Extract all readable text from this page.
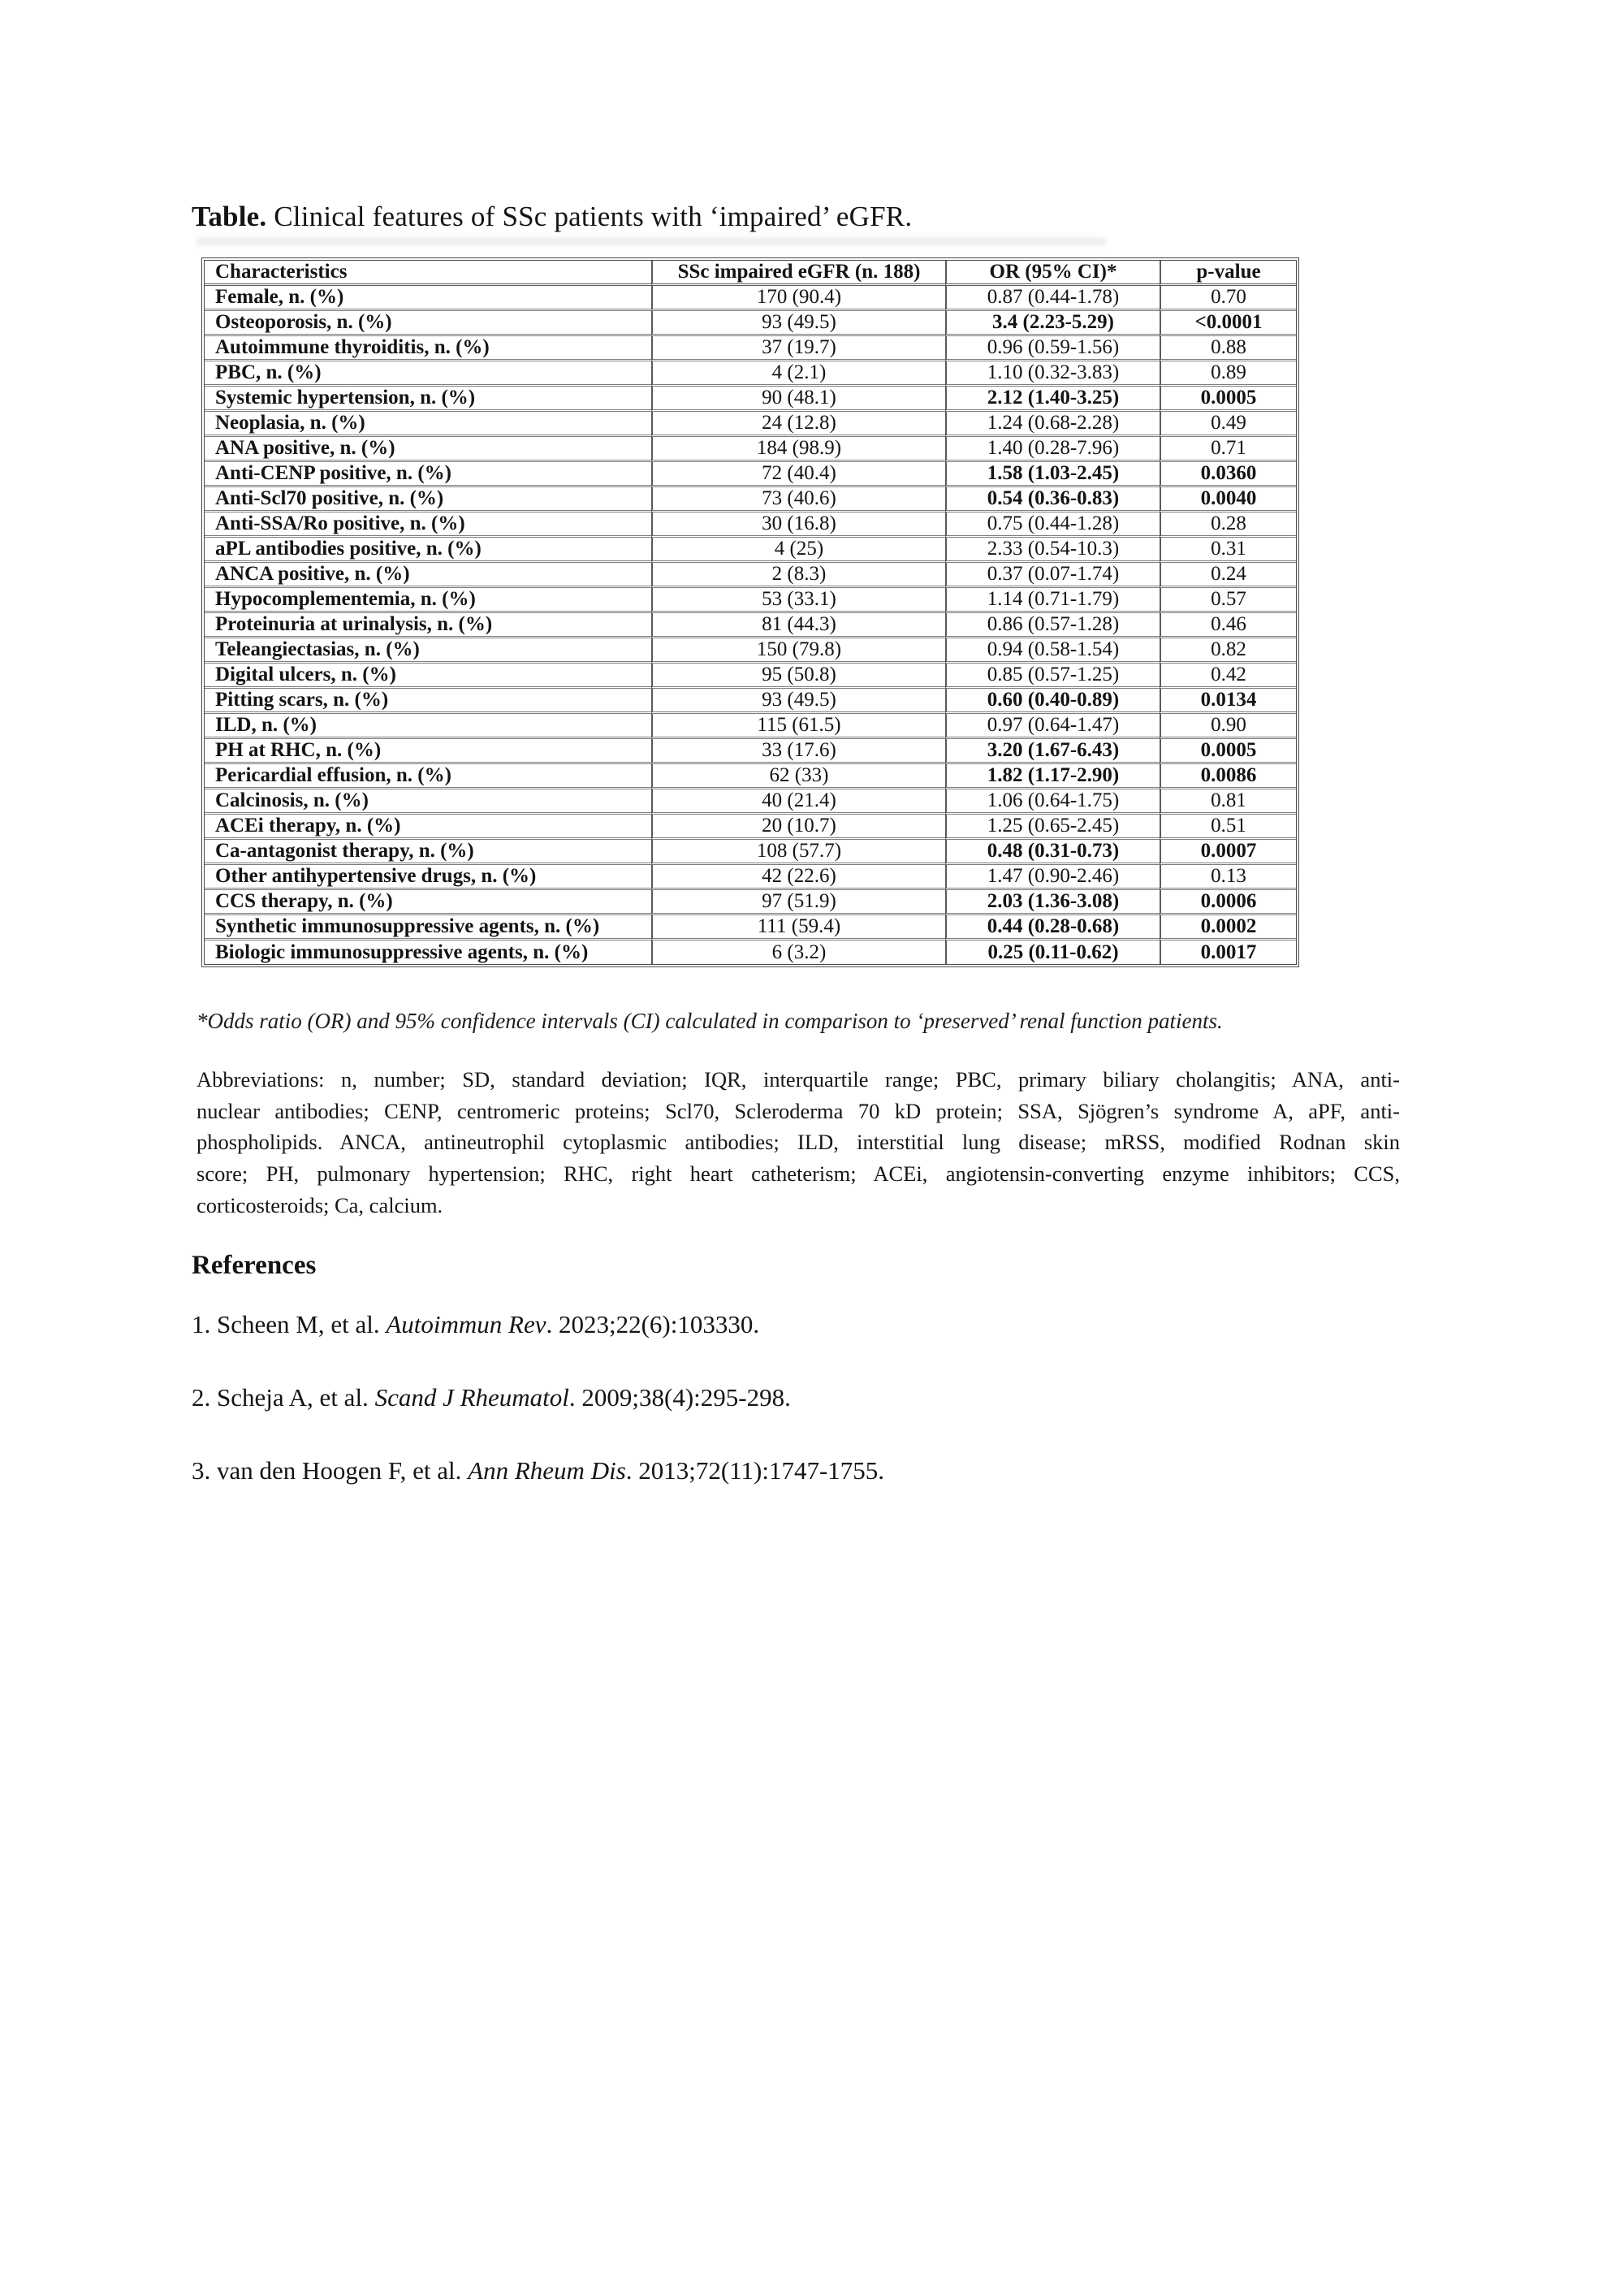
Table. Clinical features of SSc patients with ‘impaired’ eGFR.
Characteristics	SSc impaired eGFR (n. 188)	OR (95% CI)*	p-value
Female, n. (%)	170 (90.4)	0.87 (0.44-1.78)	0.70
Osteoporosis, n. (%)	93 (49.5)	3.4 (2.23-5.29)	<0.0001
Autoimmune thyroiditis, n. (%)	37 (19.7)	0.96 (0.59-1.56)	0.88
PBC, n. (%)	4 (2.1)	1.10 (0.32-3.83)	0.89
Systemic hypertension, n. (%)	90 (48.1)	2.12 (1.40-3.25)	0.0005
Neoplasia, n. (%)	24 (12.8)	1.24 (0.68-2.28)	0.49
ANA positive, n. (%)	184 (98.9)	1.40 (0.28-7.96)	0.71
Anti-CENP positive, n. (%)	72 (40.4)	1.58 (1.03-2.45)	0.0360
Anti-Scl70 positive, n. (%)	73 (40.6)	0.54 (0.36-0.83)	0.0040
Anti-SSA/Ro positive, n. (%)	30 (16.8)	0.75 (0.44-1.28)	0.28
aPL antibodies positive, n. (%)	4 (25)	2.33 (0.54-10.3)	0.31
ANCA positive, n. (%)	2 (8.3)	0.37 (0.07-1.74)	0.24
Hypocomplementemia, n. (%)	53 (33.1)	1.14 (0.71-1.79)	0.57
Proteinuria at urinalysis, n. (%)	81 (44.3)	0.86 (0.57-1.28)	0.46
Teleangiectasias, n. (%)	150 (79.8)	0.94 (0.58-1.54)	0.82
Digital ulcers, n. (%)	95 (50.8)	0.85 (0.57-1.25)	0.42
Pitting scars, n. (%)	93 (49.5)	0.60 (0.40-0.89)	0.0134
ILD, n. (%)	115 (61.5)	0.97 (0.64-1.47)	0.90
PH at RHC, n. (%)	33 (17.6)	3.20 (1.67-6.43)	0.0005
Pericardial effusion, n. (%)	62 (33)	1.82 (1.17-2.90)	0.0086
Calcinosis, n. (%)	40 (21.4)	1.06 (0.64-1.75)	0.81
ACEi therapy, n. (%)	20 (10.7)	1.25 (0.65-2.45)	0.51
Ca-antagonist therapy, n. (%)	108 (57.7)	0.48 (0.31-0.73)	0.0007
Other antihypertensive drugs, n. (%)	42 (22.6)	1.47 (0.90-2.46)	0.13
CCS therapy, n. (%)	97 (51.9)	2.03 (1.36-3.08)	0.0006
Synthetic immunosuppressive agents, n. (%)	111 (59.4)	0.44 (0.28-0.68)	0.0002
Biologic immunosuppressive agents, n. (%)	6 (3.2)	0.25 (0.11-0.62)	0.0017
*Odds ratio (OR) and 95% confidence intervals (CI) calculated in comparison to ‘preserved’ renal function patients.
Abbreviations: n, number; SD, standard deviation; IQR, interquartile range; PBC, primary biliary cholangitis; ANA, anti-
nuclear antibodies; CENP, centromeric proteins; Scl70, Scleroderma 70 kD protein; SSA, Sjögren’s syndrome A, aPF, anti-
phospholipids. ANCA, antineutrophil cytoplasmic antibodies; ILD, interstitial lung disease; mRSS, modified Rodnan skin
score; PH, pulmonary hypertension; RHC, right heart catheterism; ACEi, angiotensin-converting enzyme inhibitors; CCS,
corticosteroids; Ca, calcium.
References
1. Scheen M, et al. Autoimmun Rev. 2023;22(6):103330.
2. Scheja A, et al. Scand J Rheumatol. 2009;38(4):295-298.
3. van den Hoogen F, et al. Ann Rheum Dis. 2013;72(11):1747-1755.
